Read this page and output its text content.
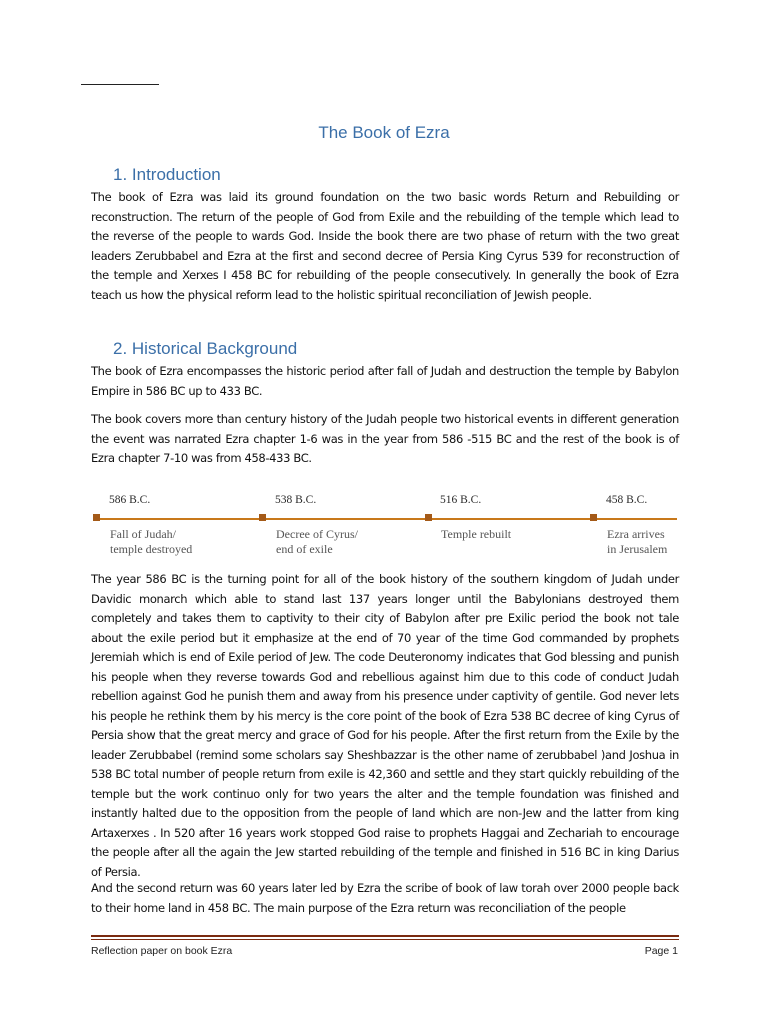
The Book of Ezra
1. Introduction

The book of Ezra was laid its ground foundation on the two basic words Return and Rebuilding or reconstruction. The return of the people of God from Exile and the rebuilding of the temple which lead to the reverse of the people to wards God. Inside the book there are two phase of return with the two great leaders Zerubbabel and Ezra at the first and second decree of Persia King Cyrus 539 for reconstruction of the temple and Xerxes I 458 BC for rebuilding of the people consecutively. In generally the book of Ezra teach us how the physical reform lead to the holistic spiritual reconciliation of Jewish people.

2. Historical Background

The book of Ezra encompasses the historic period after fall of Judah and destruction the temple by Babylon Empire in 586 BC up to 433 BC.

The book covers more than century history of the Judah people two historical events in different generation the event was narrated Ezra chapter 1-6 was in the year from 586 -515 BC and the rest of the book is of Ezra chapter 7-10 was from 458-433 BC.

586 B.C.
Fall of Judah/
temple destroyed
538 B.C.
Decree of Cyrus/
end of exile
516 B.C.
Temple rebuilt
458 B.C.
Ezra arrives
in Jerusalem

The year 586 BC is the turning point for all of the book history of the southern kingdom of Judah under Davidic monarch which able to stand last 137 years longer until the Babylonians destroyed them completely and takes them to captivity to their city of Babylon after pre Exilic period the book not tale about the exile period but it emphasize at the end of 70 year of the time God commanded by prophets Jeremiah which is end of Exile period of Jew. The code Deuteronomy indicates that God blessing and punish his people when they reverse towards God and rebellious against him due to this code of conduct Judah rebellion against God he punish them and away from his presence under captivity of gentile. God never lets his people he rethink them by his mercy is the core point of the book of Ezra 538 BC decree of king Cyrus of Persia show that the great mercy and grace of God for his people. After the first return from the Exile by the leader Zerubbabel (remind some scholars say Sheshbazzar is the other name of zerubbabel )and Joshua in 538 BC total number of people return from exile is 42,360 and settle and they start quickly rebuilding of the temple but the work continuo only for two years the alter and the temple foundation was finished and instantly halted due to the opposition from the people of land which are non-Jew and the latter from king Artaxerxes . In 520 after 16 years work stopped God raise to prophets Haggai and Zechariah to encourage the people after all the again the Jew started rebuilding of the temple and finished in 516 BC in king Darius of Persia.

And the second return was 60 years later led by Ezra the scribe of book of law torah over 2000 people back to their home land in 458 BC. The main purpose of the Ezra return was reconciliation of the people

Reflection paper on book Ezra	Page 1
